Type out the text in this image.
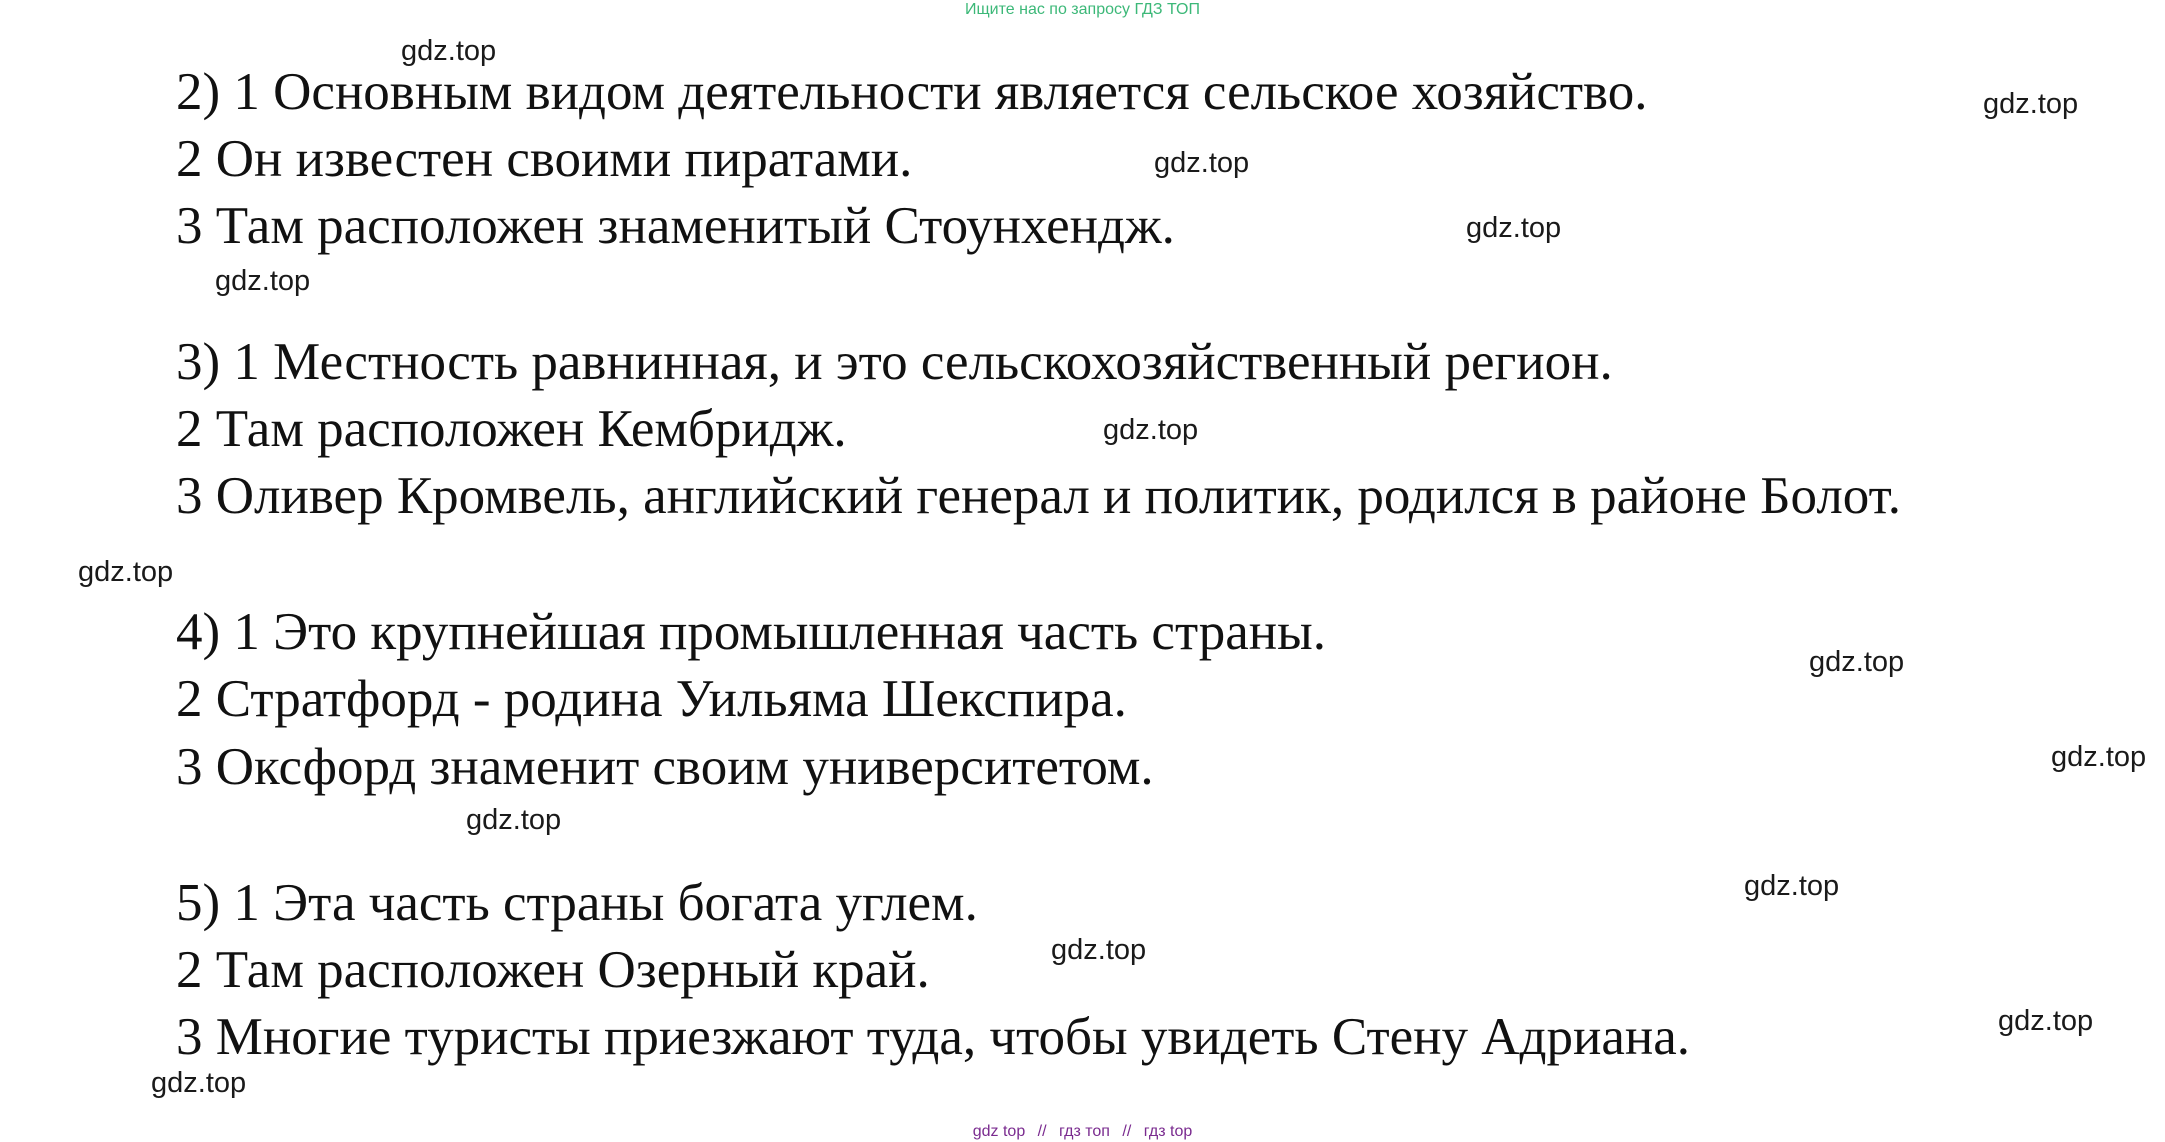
Ищите нас по запросу ГДЗ ТОП
2) 1 Основным видом деятельности является сельское хозяйство.
2 Он известен своими пиратами.
3 Там расположен знаменитый Стоунхендж.
3) 1 Местность равнинная, и это сельскохозяйственный регион.
2 Там расположен Кембридж.
3 Оливер Кромвель, английский генерал и политик, родился в районе Болот.
4) 1 Это крупнейшая промышленная часть страны.
2 Стратфорд - родина Уильяма Шекспира.
3 Оксфорд знаменит своим университетом.
5) 1 Эта часть страны богата углем.
2 Там расположен Озерный край.
3 Многие туристы приезжают туда, чтобы увидеть Стену Адриана.
gdz.top
gdz.top
gdz.top
gdz.top
gdz.top
gdz.top
gdz.top
gdz.top
gdz.top
gdz.top
gdz.top
gdz.top
gdz.top
gdz.top
gdz top // гдз топ // гдз top
